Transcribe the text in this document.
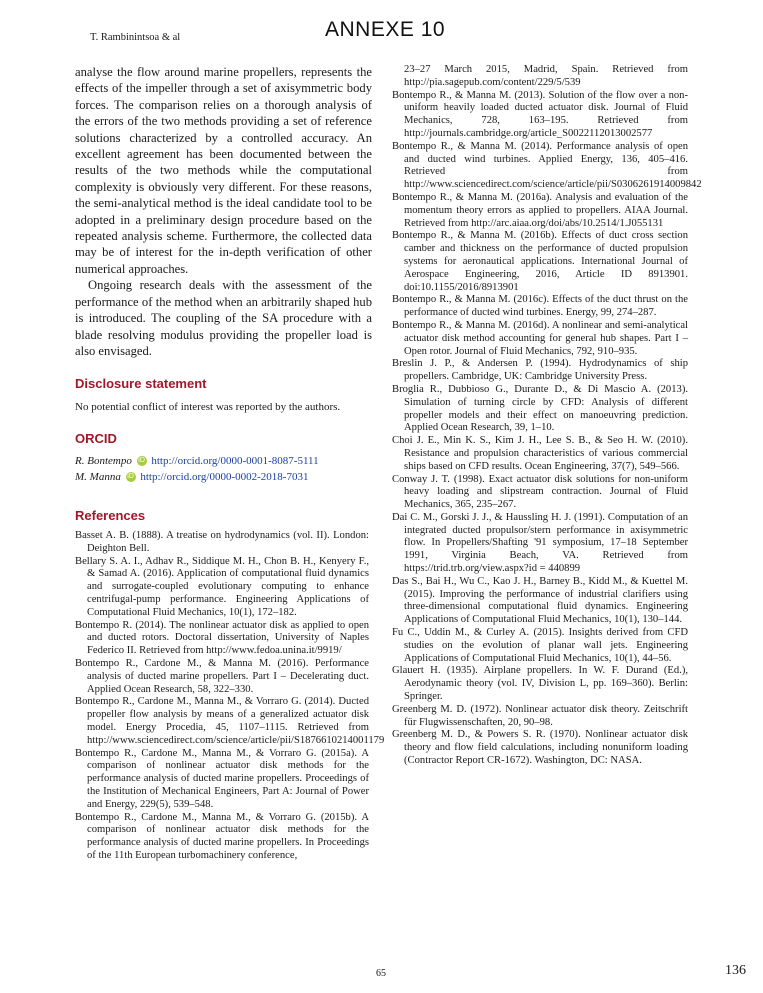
T. Rambinintsoa & al	ANNEXE 10

analyse the flow around marine propellers, represents the effects of the impeller through a set of axisymmetric body forces. The comparison relies on a thorough analysis of the errors of the two methods providing a set of reference solutions characterized by a controlled accuracy. An excellent agreement has been documented between the results of the two methods while the computational complexity is obviously very different. For these reasons, the semi-analytical method is the ideal candidate tool to be adopted in a preliminary design procedure based on the repeated analysis scheme. Furthermore, the collected data may be of interest for the in-depth verification of other numerical approaches.

Ongoing research deals with the assessment of the performance of the method when an arbitrarily shaped hub is introduced. The coupling of the SA procedure with a blade resolving modulus providing the propeller load is also envisaged.

Disclosure statement

No potential conflict of interest was reported by the authors.

ORCID
R. Bontempo iD http://orcid.org/0000-0001-8087-5111
M. Manna iD http://orcid.org/0000-0002-2018-7031
References

Basset A. B. (1888). A treatise on hydrodynamics (vol. II). London: Deighton Bell.

Bellary S. A. I., Adhav R., Siddique M. H., Chon B. H., Kenyery F., & Samad A. (2016). Application of computational fluid dynamics and surrogate-coupled evolutionary computing to enhance centrifugal-pump performance. Engineering Applications of Computational Fluid Mechanics, 10(1), 172–182.

Bontempo R. (2014). The nonlinear actuator disk as applied to open and ducted rotors. Doctoral dissertation, University of Naples Federico II. Retrieved from http://www.fedoa.unina.it/9919/

Bontempo R., Cardone M., & Manna M. (2016). Performance analysis of ducted marine propellers. Part I – Decelerating duct. Applied Ocean Research, 58, 322–330.

Bontempo R., Cardone M., Manna M., & Vorraro G. (2014). Ducted propeller flow analysis by means of a generalized actuator disk model. Energy Procedia, 45, 1107–1115. Retrieved from http://www.sciencedirect.com/science/article/pii/S1876610214001179

Bontempo R., Cardone M., Manna M., & Vorraro G. (2015a). A comparison of nonlinear actuator disk methods for the performance analysis of ducted marine propellers. Proceedings of the Institution of Mechanical Engineers, Part A: Journal of Power and Energy, 229(5), 539–548.

Bontempo R., Cardone M., Manna M., & Vorraro G. (2015b). A comparison of nonlinear actuator disk methods for the performance analysis of ducted marine propellers. In Proceedings of the 11th European turbomachinery conference,

23–27 March 2015, Madrid, Spain. Retrieved from http://pia.sagepub.com/content/229/5/539

Bontempo R., & Manna M. (2013). Solution of the flow over a non-uniform heavily loaded ducted actuator disk. Journal of Fluid Mechanics, 728, 163–195. Retrieved from http://journals.cambridge.org/article_S0022112013002577

Bontempo R., & Manna M. (2014). Performance analysis of open and ducted wind turbines. Applied Energy, 136, 405–416. Retrieved from http://www.sciencedirect.com/science/article/pii/S0306261914009842

Bontempo R., & Manna M. (2016a). Analysis and evaluation of the momentum theory errors as applied to propellers. AIAA Journal. Retrieved from http://arc.aiaa.org/doi/abs/10.2514/1.J055131

Bontempo R., & Manna M. (2016b). Effects of duct cross section camber and thickness on the performance of ducted propulsion systems for aeronautical applications. International Journal of Aerospace Engineering, 2016, Article ID 8913901. doi:10.1155/2016/8913901

Bontempo R., & Manna M. (2016c). Effects of the duct thrust on the performance of ducted wind turbines. Energy, 99, 274–287.

Bontempo R., & Manna M. (2016d). A nonlinear and semi-analytical actuator disk method accounting for general hub shapes. Part I – Open rotor. Journal of Fluid Mechanics, 792, 910–935.

Breslin J. P., & Andersen P. (1994). Hydrodynamics of ship propellers. Cambridge, UK: Cambridge University Press.

Broglia R., Dubbioso G., Durante D., & Di Mascio A. (2013). Simulation of turning circle by CFD: Analysis of different propeller models and their effect on manoeuvring prediction. Applied Ocean Research, 39, 1–10.

Choi J. E., Min K. S., Kim J. H., Lee S. B., & Seo H. W. (2010). Resistance and propulsion characteristics of various commercial ships based on CFD results. Ocean Engineering, 37(7), 549–566.

Conway J. T. (1998). Exact actuator disk solutions for non-uniform heavy loading and slipstream contraction. Journal of Fluid Mechanics, 365, 235–267.

Dai C. M., Gorski J. J., & Haussling H. J. (1991). Computation of an integrated ducted propulsor/stern performance in axisymmetric flow. In Propellers/Shafting '91 symposium, 17–18 September 1991, Virginia Beach, VA. Retrieved from https://trid.trb.org/view.aspx?id = 440899

Das S., Bai H., Wu C., Kao J. H., Barney B., Kidd M., & Kuettel M. (2015). Improving the performance of industrial clarifiers using three-dimensional computational fluid dynamics. Engineering Applications of Computational Fluid Mechanics, 10(1), 130–144.

Fu C., Uddin M., & Curley A. (2015). Insights derived from CFD studies on the evolution of planar wall jets. Engineering Applications of Computational Fluid Mechanics, 10(1), 44–56.

Glauert H. (1935). Airplane propellers. In W. F. Durand (Ed.), Aerodynamic theory (vol. IV, Division L, pp. 169–360). Berlin: Springer.

Greenberg M. D. (1972). Nonlinear actuator disk theory. Zeitschrift für Flugwissenschaften, 20, 90–98.

Greenberg M. D., & Powers S. R. (1970). Nonlinear actuator disk theory and flow field calculations, including nonuniform loading (Contractor Report CR-1672). Washington, DC: NASA.

65	136
